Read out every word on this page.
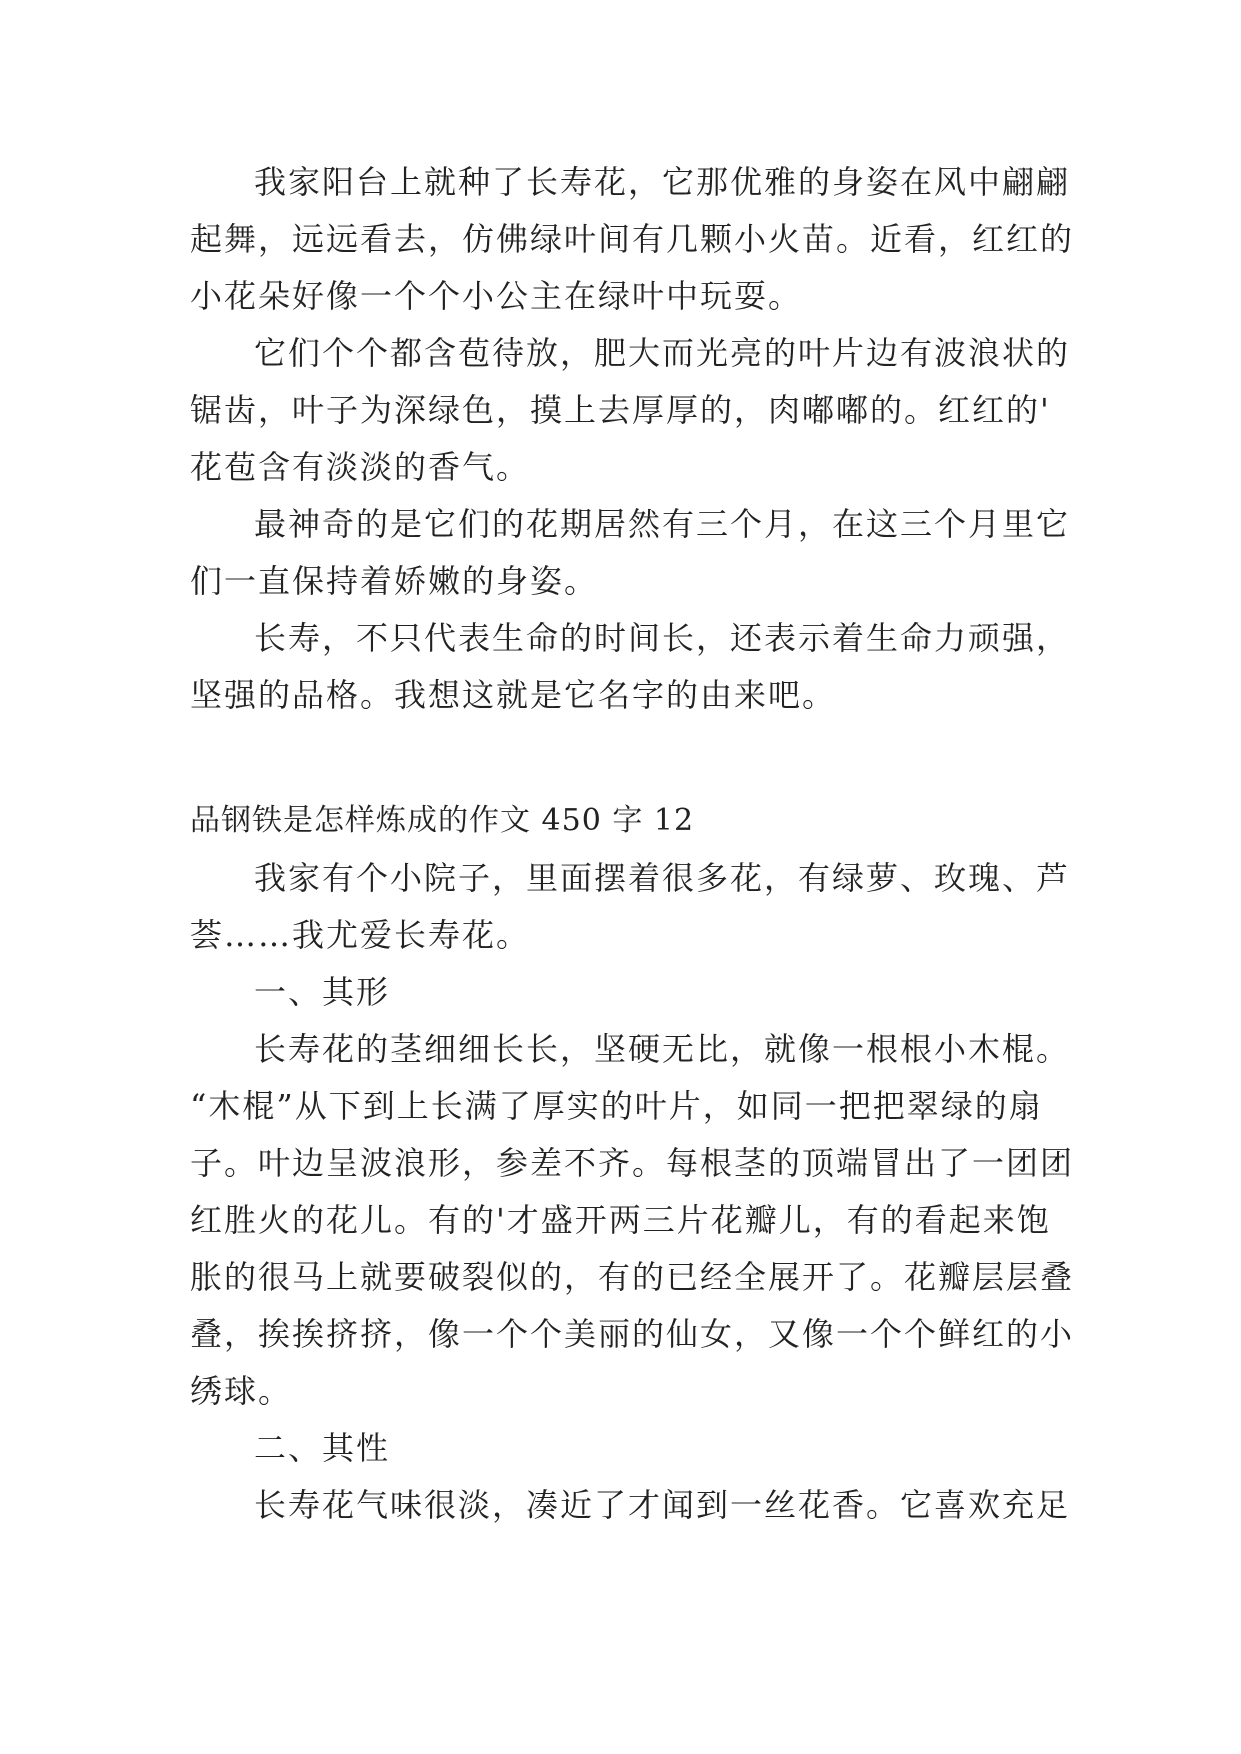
我家阳台上就种了长寿花，它那优雅的身姿在风中翩翩
起舞，远远看去，仿佛绿叶间有几颗小火苗。近看，红红的
小花朵好像一个个小公主在绿叶中玩耍。
它们个个都含苞待放，肥大而光亮的叶片边有波浪状的
锯齿，叶子为深绿色，摸上去厚厚的，肉嘟嘟的。红红的'
花苞含有淡淡的香气。
最神奇的是它们的花期居然有三个月，在这三个月里它
们一直保持着娇嫩的身姿。
长寿，不只代表生命的时间长，还表示着生命力顽强，
坚强的品格。我想这就是它名字的由来吧。
品钢铁是怎样炼成的作文 450 字 12
我家有个小院子，里面摆着很多花，有绿萝、玫瑰、芦
荟……我尤爱长寿花。
一、其形
长寿花的茎细细长长，坚硬无比，就像一根根小木棍。
“木棍”从下到上长满了厚实的叶片，如同一把把翠绿的扇
子。叶边呈波浪形，参差不齐。每根茎的顶端冒出了一团团
红胜火的花儿。有的'才盛开两三片花瓣儿，有的看起来饱
胀的很马上就要破裂似的，有的已经全展开了。花瓣层层叠
叠，挨挨挤挤，像一个个美丽的仙女，又像一个个鲜红的小
绣球。
二、其性
长寿花气味很淡，凑近了才闻到一丝花香。它喜欢充足
